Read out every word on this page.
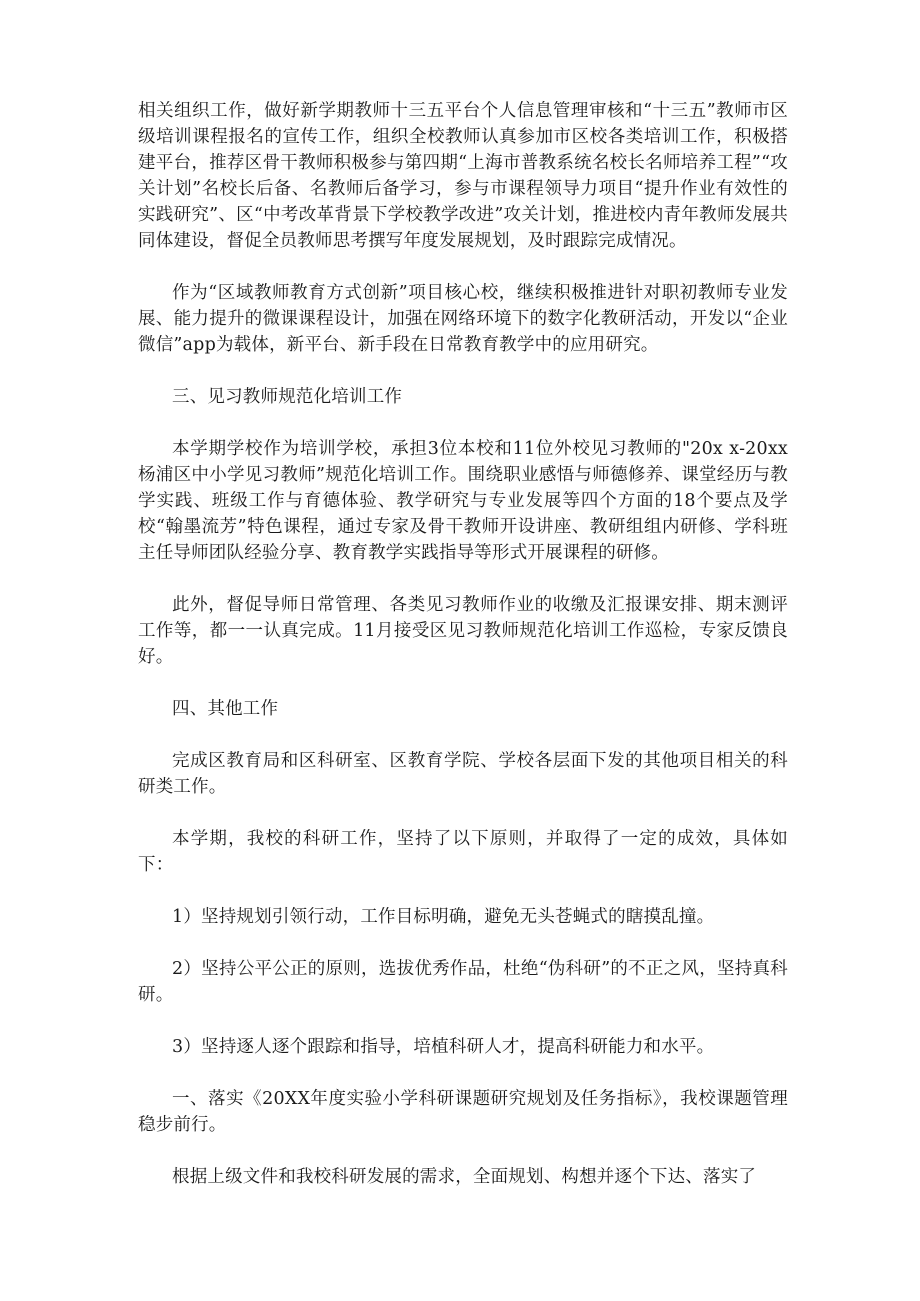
相关组织工作，做好新学期教师十三五平台个人信息管理审核和“十三五”教师市区级培训课程报名的宣传工作，组织全校教师认真参加市区校各类培训工作，积极搭建平台，推荐区骨干教师积极参与第四期“上海市普教系统名校长名师培养工程”“攻关计划”名校长后备、名教师后备学习，参与市课程领导力项目“提升作业有效性的实践研究”、区“中考改革背景下学校教学改进”攻关计划，推进校内青年教师发展共同体建设，督促全员教师思考撰写年度发展规划，及时跟踪完成情况。

作为“区域教师教育方式创新”项目核心校，继续积极推进针对职初教师专业发展、能力提升的微课课程设计，加强在网络环境下的数字化教研活动，开发以“企业微信”app为载体，新平台、新手段在日常教育教学中的应用研究。

三、见习教师规范化培训工作

本学期学校作为培训学校，承担3位本校和11位外校见习教师的"20x x-20xx杨浦区中小学见习教师”规范化培训工作。围绕职业感悟与师德修养、课堂经历与教学实践、班级工作与育德体验、教学研究与专业发展等四个方面的18个要点及学校“翰墨流芳”特色课程，通过专家及骨干教师开设讲座、教研组组内研修、学科班主任导师团队经验分享、教育教学实践指导等形式开展课程的研修。

此外，督促导师日常管理、各类见习教师作业的收缴及汇报课安排、期末测评工作等，都一一认真完成。11月接受区见习教师规范化培训工作巡检，专家反馈良好。

四、其他工作

完成区教育局和区科研室、区教育学院、学校各层面下发的其他项目相关的科研类工作。

本学期，我校的科研工作，坚持了以下原则，并取得了一定的成效，具体如下：

1）坚持规划引领行动，工作目标明确，避免无头苍蝇式的瞎摸乱撞。

2）坚持公平公正的原则，选拔优秀作品，杜绝“伪科研”的不正之风，坚持真科研。

3）坚持逐人逐个跟踪和指导，培植科研人才，提高科研能力和水平。

一、落实《20XX年度实验小学科研课题研究规划及任务指标》，我校课题管理稳步前行。

根据上级文件和我校科研发展的需求，全面规划、构想并逐个下达、落实了
